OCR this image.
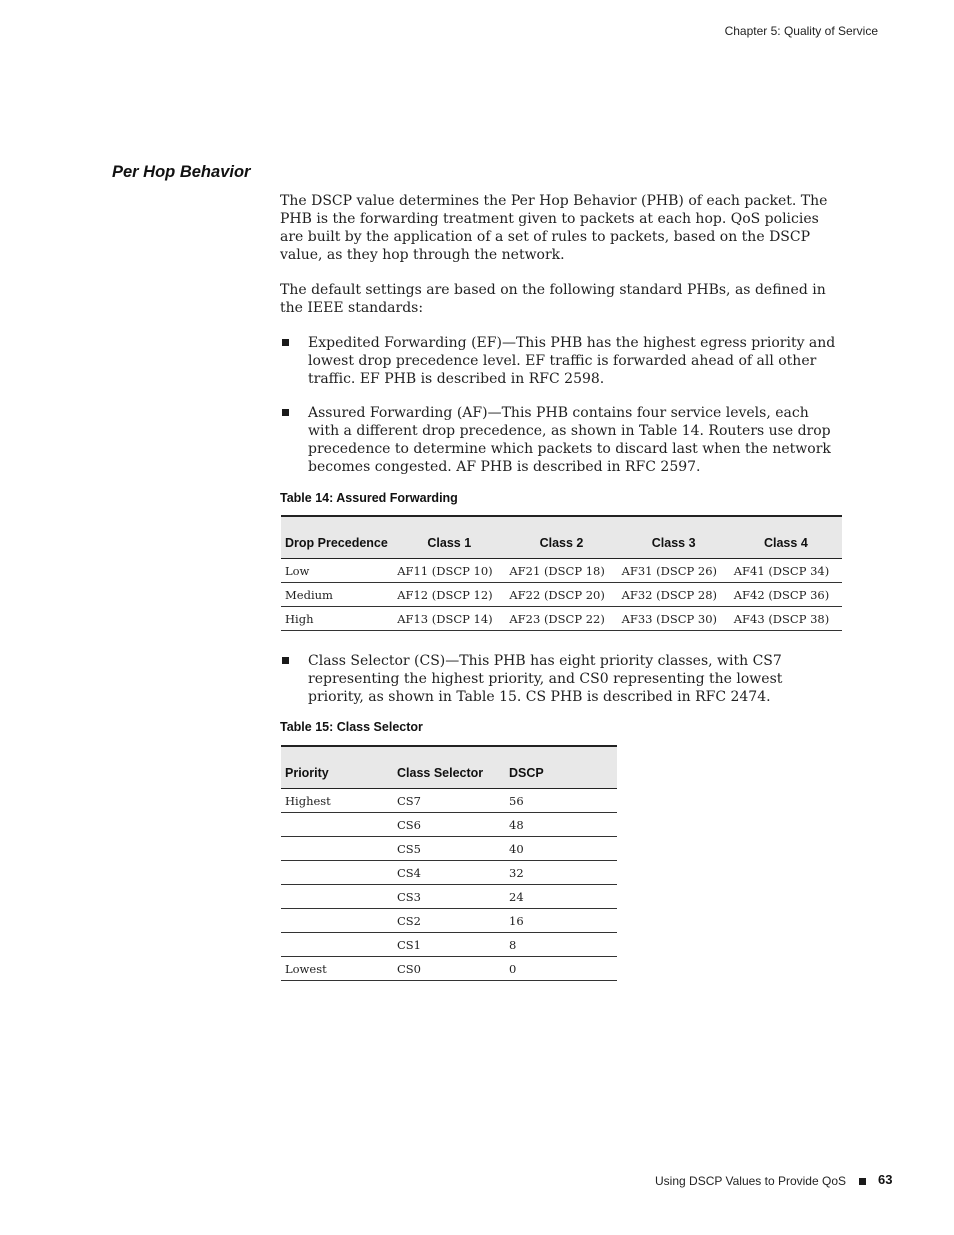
Chapter 5: Quality of Service
Per Hop Behavior

The DSCP value determines the Per Hop Behavior (PHB) of each packet. The PHB is the forwarding treatment given to packets at each hop. QoS policies are built by the application of a set of rules to packets, based on the DSCP value, as they hop through the network.

The default settings are based on the following standard PHBs, as defined in the IEEE standards:

Expedited Forwarding (EF)—This PHB has the highest egress priority and lowest drop precedence level. EF traffic is forwarded ahead of all other traffic. EF PHB is described in RFC 2598.
Assured Forwarding (AF)—This PHB contains four service levels, each with a different drop precedence, as shown in Table 14. Routers use drop precedence to determine which packets to discard last when the network becomes congested. AF PHB is described in RFC 2597.

Table 14: Assured Forwarding

Drop Precedence	Class 1	Class 2	Class 3	Class 4
Low	AF11 (DSCP 10)	AF21 (DSCP 18)	AF31 (DSCP 26)	AF41 (DSCP 34)
Medium	AF12 (DSCP 12)	AF22 (DSCP 20)	AF32 (DSCP 28)	AF42 (DSCP 36)
High	AF13 (DSCP 14)	AF23 (DSCP 22)	AF33 (DSCP 30)	AF43 (DSCP 38)
Class Selector (CS)—This PHB has eight priority classes, with CS7 representing the highest priority, and CS0 representing the lowest priority, as shown in Table 15. CS PHB is described in RFC 2474.

Table 15: Class Selector

Priority	Class Selector	DSCP
Highest	CS7	56
	CS6	48
	CS5	40
	CS4	32
	CS3	24
	CS2	16
	CS1	8
Lowest	CS0	0
Using DSCP Values to Provide QoS 63
